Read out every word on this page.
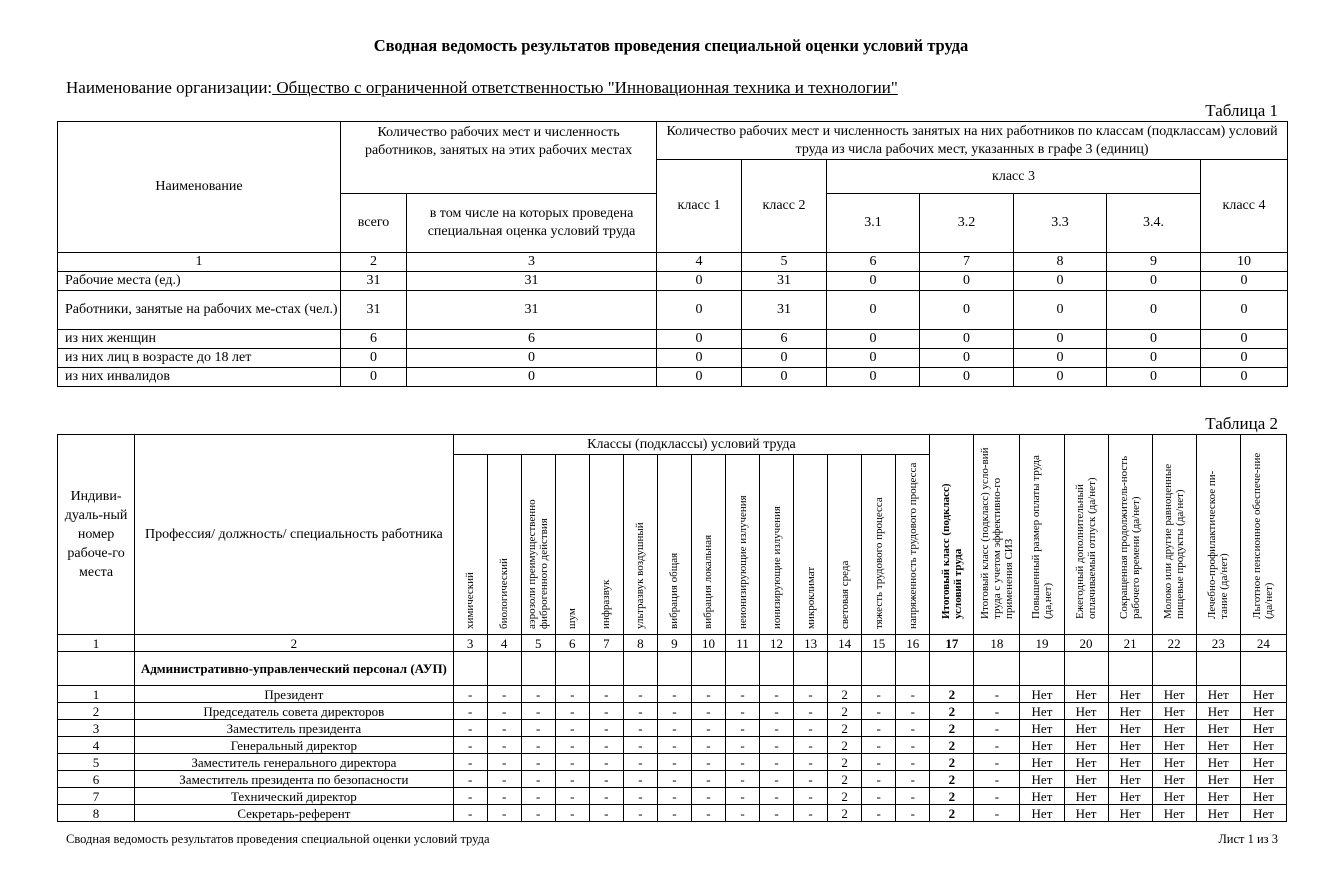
Сводная ведомость результатов проведения специальной оценки условий труда
Наименование организации: Общество с ограниченной ответственностью "Инновационная техника и технологии"
Таблица 1
Наименование	Количество рабочих мест и численность работников, занятых на этих рабочих местах		Количество рабочих мест и численность занятых на них работников по классам (подклассам) условий труда из числа рабочих мест, указанных в графе 3 (единиц)						
			класс 1	класс 2	класс 3				класс 4
	всего	в том числе на которых проведена специальная оценка условий труда			3.1	3.2	3.3	3.4.	
1	2	3	4	5	6	7	8	9	10
Рабочие места (ед.)	31	31	0	31	0	0	0	0	0
Работники, занятые на рабочих ме-стах (чел.)	31	31	0	31	0	0	0	0	0
из них женщин	6	6	0	6	0	0	0	0	0
из них лиц в возрасте до 18 лет	0	0	0	0	0	0	0	0	0
из них инвалидов	0	0	0	0	0	0	0	0	0
Таблица 2
Индиви-дуаль-ный номер рабоче-го места	Профессия/ должность/ специальность работника	Классы (подклассы) условий труда														Итоговый класс (подкласс) условий труда	Итоговый класс (подкласс) усло-вий труда с учетом эффективно-го применения СИЗ	Повышенный размер оплаты труда (да,нет)	Ежегодный дополнительный оплачиваемый отпуск (да/нет)	Сокращенная продолжитель-ность рабочего времени (да/нет)	Молоко или другие равноценные пищевые продукты (да/нет)	Лечебно-профилактическое пи-тание (да/нет)	Льготное пенсионное обеспече-ние (да/нет)
		химический	биологический	аэрозоли преимущественно фиброгенного действия	шум	инфразвук	ультразвук воздушный	вибрация общая	вибрация локальная	неионизирующие излучения	ионизирующие излучения	микроклимат	световая среда	тяжесть трудового процесса	напряженность трудового процесса								
1	2	3	4	5	6	7	8	9	10	11	12	13	14	15	16	17	18	19	20	21	22	23	24
	Административно-управленческий персонал (АУП)																						
1	Президент	-	-	-	-	-	-	-	-	-	-	-	2	-	-	2	-	Нет	Нет	Нет	Нет	Нет	Нет
2	Председатель совета директоров	-	-	-	-	-	-	-	-	-	-	-	2	-	-	2	-	Нет	Нет	Нет	Нет	Нет	Нет
3	Заместитель президента	-	-	-	-	-	-	-	-	-	-	-	2	-	-	2	-	Нет	Нет	Нет	Нет	Нет	Нет
4	Генеральный директор	-	-	-	-	-	-	-	-	-	-	-	2	-	-	2	-	Нет	Нет	Нет	Нет	Нет	Нет
5	Заместитель генерального директора	-	-	-	-	-	-	-	-	-	-	-	2	-	-	2	-	Нет	Нет	Нет	Нет	Нет	Нет
6	Заместитель президента по безопасности	-	-	-	-	-	-	-	-	-	-	-	2	-	-	2	-	Нет	Нет	Нет	Нет	Нет	Нет
7	Технический директор	-	-	-	-	-	-	-	-	-	-	-	2	-	-	2	-	Нет	Нет	Нет	Нет	Нет	Нет
8	Секретарь-референт	-	-	-	-	-	-	-	-	-	-	-	2	-	-	2	-	Нет	Нет	Нет	Нет	Нет	Нет
Сводная ведомость результатов проведения специальной оценки условий труда	Лист 1 из 3
